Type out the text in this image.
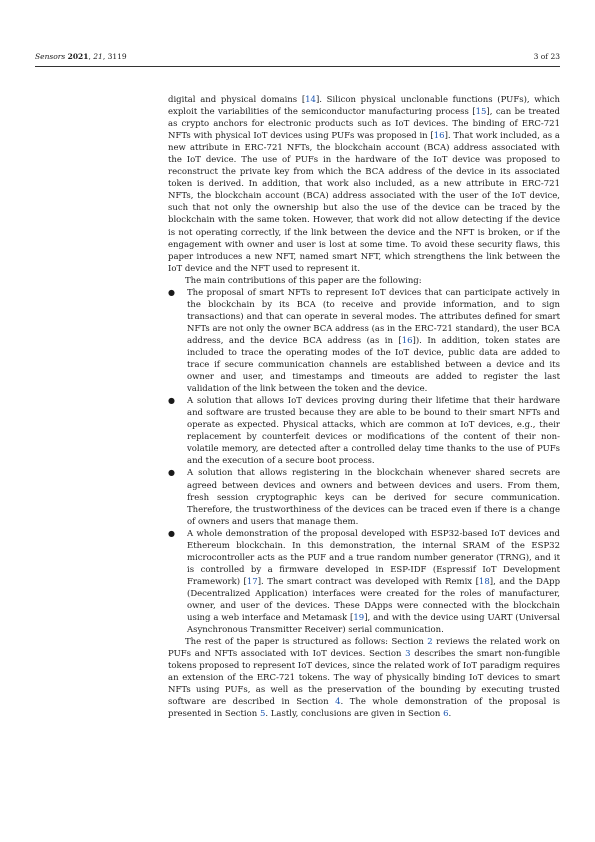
Sensors 2021, 21, 3119	3 of 23

digital and physical domains [14]. Silicon physical unclonable functions (PUFs), which exploit the variabilities of the semiconductor manufacturing process [15], can be treated as crypto anchors for electronic products such as IoT devices. The binding of ERC-721 NFTs with physical IoT devices using PUFs was proposed in [16]. That work included, as a new attribute in ERC-721 NFTs, the blockchain account (BCA) address associated with the IoT device. The use of PUFs in the hardware of the IoT device was proposed to reconstruct the private key from which the BCA address of the device in its associated token is derived. In addition, that work also included, as a new attribute in ERC-721 NFTs, the blockchain account (BCA) address associated with the user of the IoT device, such that not only the ownership but also the use of the device can be traced by the blockchain with the same token. However, that work did not allow detecting if the device is not operating correctly, if the link between the device and the NFT is broken, or if the engagement with owner and user is lost at some time. To avoid these security flaws, this paper introduces a new NFT, named smart NFT, which strengthens the link between the IoT device and the NFT used to represent it.

The main contributions of this paper are the following:

● The proposal of smart NFTs to represent IoT devices that can participate actively in the blockchain by its BCA (to receive and provide information, and to sign transactions) and that can operate in several modes. The attributes defined for smart NFTs are not only the owner BCA address (as in the ERC-721 standard), the user BCA address, and the device BCA address (as in [16]). In addition, token states are included to trace the operating modes of the IoT device, public data are added to trace if secure communication channels are established between a device and its owner and user, and timestamps and timeouts are added to register the last validation of the link between the token and the device.
● A solution that allows IoT devices proving during their lifetime that their hardware and software are trusted because they are able to be bound to their smart NFTs and operate as expected. Physical attacks, which are common at IoT devices, e.g., their replacement by counterfeit devices or modifications of the content of their non-volatile memory, are detected after a controlled delay time thanks to the use of PUFs and the execution of a secure boot process.
● A solution that allows registering in the blockchain whenever shared secrets are agreed between devices and owners and between devices and users. From them, fresh session cryptographic keys can be derived for secure communication. Therefore, the trustworthiness of the devices can be traced even if there is a change of owners and users that manage them.
● A whole demonstration of the proposal developed with ESP32-based IoT devices and Ethereum blockchain. In this demonstration, the internal SRAM of the ESP32 microcontroller acts as the PUF and a true random number generator (TRNG), and it is controlled by a firmware developed in ESP-IDF (Espressif IoT Development Framework) [17]. The smart contract was developed with Remix [18], and the DApp (Decentralized Application) interfaces were created for the roles of manufacturer, owner, and user of the devices. These DApps were connected with the blockchain using a web interface and Metamask [19], and with the device using UART (Universal Asynchronous Transmitter Receiver) serial communication.

The rest of the paper is structured as follows: Section 2 reviews the related work on PUFs and NFTs associated with IoT devices. Section 3 describes the smart non-fungible tokens proposed to represent IoT devices, since the related work of IoT paradigm requires an extension of the ERC-721 tokens. The way of physically binding IoT devices to smart NFTs using PUFs, as well as the preservation of the bounding by executing trusted software are described in Section 4. The whole demonstration of the proposal is presented in Section 5. Lastly, conclusions are given in Section 6.
